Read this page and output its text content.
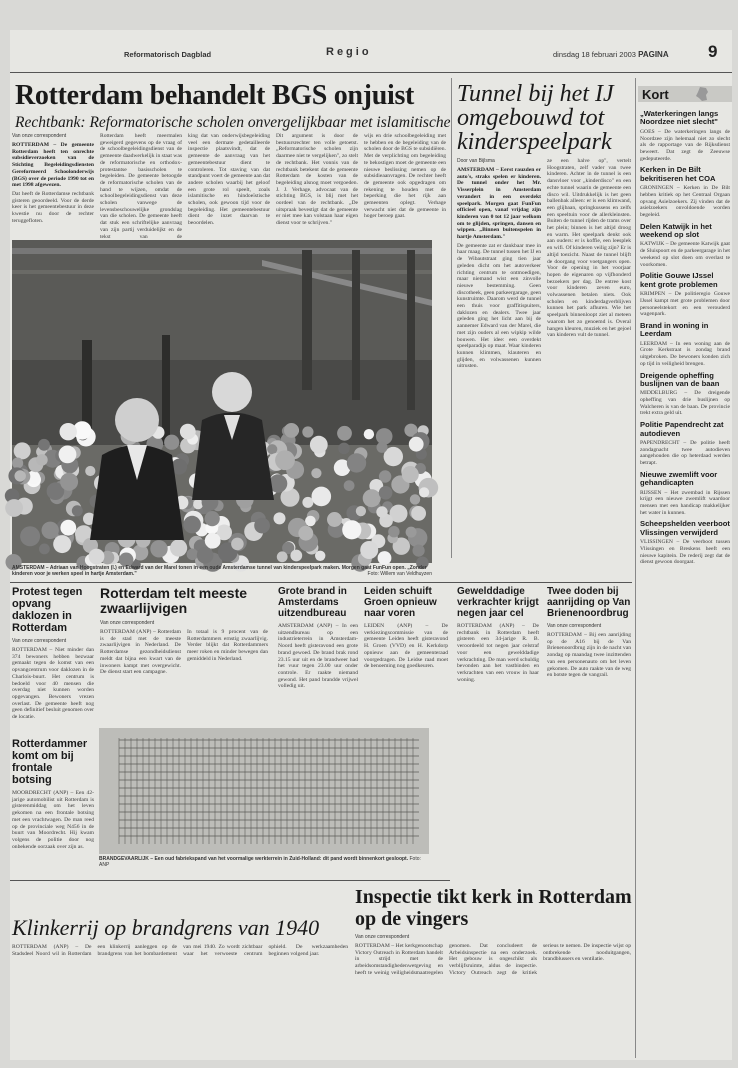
Reformatorisch Dagblad	Regio	dinsdag 18 februari 2003 PAGINA 9
Rotterdam behandelt BGS onjuist
Rechtbank: Reformatorische scholen onvergelijkbaar met islamitische
Van onze correspondent

ROTTERDAM – De gemeente Rotterdam heeft ten onrechte subsidieverzoeken van de Stichting Begeleidingsdiensten Gereformeerd Schoolonderwijs (BGS) over de periode 1990 tot en met 1998 afgewezen.

Dat heeft de Rotterdamse rechtbank gisteren geoordeeld. Voor de derde keer is het gemeentebestuur in deze kwestie nu door de rechter teruggefloten.

Rotterdam heeft meermalen geweigerd gegevens op de vraag of de schoolbegeleidingsdienst van de gemeente daadwerkelijk in staat was de reformatorische en orthodox-protestantse basisscholen te begeleiden. De gemeente betoogde de reformatorische scholen van de hand te wijzen, omdat de schoolbegeleidingsdienst van deze scholen vanwege de levensbeschouwelijke grondslag van die scholen. De gemeente heeft dat stuk een schriftelijke aanvraag van zijn partij verduidelijkt en de tekst van de
king dat van onderwijsbegeleiding veel een dermate gedetailleerde inspectie plaatsvindt, dat de gemeente de aanvraag van het gemeentebestuur dient te controleren. Tot staving van dat standpunt voert de gemeente aan dat andere scholen waarbij het geloof een grote rol speelt, zoals islamitische en hindoeïstische scholen, ook gewoon tijd voor de begeleiding. Het gemeentebestuur dient de inzet daarvan te beoordelen.
Dit argument is door de bestuursrechter ten volle getoetst. „Reformatorische scholen zijn daarmee niet te vergelijken", zo stelt de rechtbank. Het vonnis van de rechtbank betekent dat de gemeente Rotterdam de kosten van de begeleiding alsnog moet vergoeden. J. J. Verhage, advocaat van de stichting BGS, is blij met het oordeel van de rechtbank. „De uitspraak bevestigt dat de gemeente er niet mee kan volstaan haar eigen dienst voor te schrijven."
wijs en drie schoolbegeleiding met te hebben en de begeleiding van de scholen door de BGS te subsidiëren. Met de verplichting om begeleiding te bekostigen moet de gemeente een nieuwe beslissing nemen op de subsidieaanvragen. De rechter heeft de gemeente ook opgedragen om rekening te houden met de beperking die het rijk aan gemeenten oplegt. Verhage verwacht niet dat de gemeente in hoger beroep gaat.
Tunnel bij het IJ omgebouwd tot kinderspeelpark
Door van Bijlsma

AMSTERDAM – Eerst rauzden er auto's, straks spelen er kinderen. De tunnel onder het Mr. Visserplein in Amsterdam verandert in een overdekt speelpark. Morgen gaat FunFun officieel open, vanaf vrijdag zijn kinderen van 0 tot 12 jaar welkom om te glijden, springen, dansen en wippen. „Binnen buitenspelen in hartje Amsterdam."

De gemeente zat er dankbaar mee in haar maag. De tunnel tussen het IJ en de Wibautstraat ging tien jaar geleden dicht om het autoverkeer richting centrum te ontmoedigen, maar niemand wist een zinvolle nieuwe bestemming. Geen discotheek, geen parkeergarage, geen kunstruimte. Daarom werd de tunnel een thuis voor graffitispuiters, daklozen en dealers. Twee jaar geleden ging het licht aan bij de aannemer Edward van der Marel, die met zijn ouders al een wipkip wilde bouwen. Het idee: een overdekt speelparadijs op maat. Waar kinderen kunnen klimmen, klauteren en glijden, en volwassenen kunnen uitrusten.

ze een halve op", vertelt Hoogstraten, zelf vader van twee kinderen. Achter in de tunnel is een dansvloer voor „kinderdisco" en een echte tunnel waarin de gemeente een disco wil. Uitdrukkelijk is het geen ballenbak alleen: er is een klimwand, een glijbaan, springkussens en zelfs een speeltuin voor de allerkleinsten. Buiten de tunnel rijden de trams over het plein; binnen is het altijd droog en warm. Het speelpark denkt ook aan ouders: er is koffie, een leesplek en wifi. Of kinderen veilig zijn? Er is altijd toezicht. Naast de tunnel blijft de doorgang voor voetgangers open. Voor de opening in het voorjaar hopen de eigenaren op vijfhonderd bezoekers per dag. De entree kost voor kinderen zeven euro, volwassenen betalen niets. Ook scholen en kinderdagverblijven kunnen het park afhuren. Wie het speelpark binnenloopt ziet al meteen waarom het zo genoemd is. Overal hangen kleuren, muziek en het gejoel van kinderen vult de tunnel.
Kort
„Waterkeringen langs Noordzee niet slecht"
GOES – De waterkeringen langs de Noordzee zijn helemaal niet zo slecht als de rapportage van de Rijksdienst beweert. Dat zegt de Zeeuwse gedeputeerde.
Kerken in De Bilt bekritiseren het COA
GRONINGEN – Kerken in De Bilt hebben kritiek op het Centraal Orgaan opvang Asielzoekers. Zij vinden dat de asielzoekers onvoldoende worden begeleid.
Delen Katwijk in het weekend op slot
KATWIJK – De gemeente Katwijk gaat de Sluispoort en de parkeergarage in het weekend op slot doen om overlast te voorkomen.
Politie Gouwe IJssel kent grote problemen
KRIMPEN – De politieregio Gouwe IJssel kampt met grote problemen door personeelstekort en een verouderd wagenpark.
Brand in woning in Leerdam
LEERDAM – In een woning aan de Grote Kerkstraat is zondag brand uitgebroken. De bewoners konden zich op tijd in veiligheid brengen.
Dreigende opheffing buslijnen van de baan
MIDDELBURG – De dreigende opheffing van drie buslijnen op Walcheren is van de baan. De provincie trekt extra geld uit.
Politie Papendrecht zat autodieven
PAPENDRECHT – De politie heeft zondagnacht twee autodieven aangehouden die op heterdaad werden betrapt.
Nieuwe zwemlift voor gehandicapten
RIJSSEN – Het zwembad in Rijssen krijgt een nieuwe zwemlift waardoor mensen met een handicap makkelijker het water in kunnen.
Scheepshelden veerboot Vlissingen verwijderd
VLISSINGEN – De veerboot tussen Vlissingen en Breskens heeft een nieuwe kapitein. De rederij zegt dat de dienst gewoon doorgaat.
AMSTERDAM – Adriaan van Hoogstraten (l.) en Edward van der Marel tonen in een oude Amsterdamse tunnel van kinderspeelpark maken. Morgen gaat FunFun open. „Zonder kinderen voor je werken speel in hartje Amsterdam."	Foto: Willem van Veldhuyzen
Protest tegen opvang daklozen in Rotterdam
Van onze correspondent
ROTTERDAM – Niet minder dan 374 bewoners hebben bezwaar gemaakt tegen de komst van een opvangcentrum voor daklozen in de Charlois-buurt. Het centrum is bedoeld voor 40 mensen die overdag niet kunnen worden opgevangen. Bewoners vrezen overlast. De gemeente heeft nog geen definitief besluit genomen over de locatie.
Rotterdammer komt om bij frontale botsing
MOORDRECHT (ANP) – Een 42-jarige automobilist uit Rotterdam is gisterenmiddag om het leven gekomen na een frontale botsing met een vrachtwagen. De man reed op de provinciale weg N456 in de buurt van Moordrecht. Hij kwam volgens de politie door nog onbekende oorzaak over zijn as.
Rotterdam telt meeste zwaarlijvigen
Van onze correspondent
ROTTERDAM (ANP) – Rotterdam is de stad met de meeste zwaarlijvigen in Nederland. De Rotterdamse gezondheidsdienst meldt dat bijna een kwart van de inwoners kampt met overgewicht. De dienst start een campagne.
In totaal is 9 procent van de Rotterdammers ernstig zwaarlijvig. Verder blijkt dat Rotterdammers meer roken en minder bewegen dan gemiddeld in Nederland.
Grote brand in Amsterdams uitzendbureau
AMSTERDAM (ANP) – In een uitzendbureau op een industrieterrein in Amsterdam-Noord heeft gisteravond een grote brand gewoed. De brand brak rond 23.15 uur uit en de brandweer had het vuur tegen 23.00 uur onder controle. Er raakte niemand gewond. Het pand brandde vrijwel volledig uit.
Leiden schuift Groen opnieuw naar voren
LEIDEN (ANP) – De verkiezingscommissie van de gemeente Leiden heeft gisteravond H. Groen (VVD) en H. Kerkdorp opnieuw aan de gemeenteraad voorgedragen. De Leidse raad moet de benoeming nog goedkeuren.
Gewelddadige verkrachter krijgt negen jaar cel
ROTTERDAM (ANP) – De rechtbank in Rotterdam heeft gisteren een 34-jarige R. B. veroordeeld tot negen jaar celstraf voor een gewelddadige verkrachting. De man werd schuldig bevonden aan het vastbinden en verkrachten van een vrouw in haar woning.
Twee doden bij aanrijding op Van Brienenoordbrug
Van onze correspondent
ROTTERDAM – Bij een aanrijding op de A16 bij de Van Brienenoordbrug zijn in de nacht van zondag op maandag twee inzittenden van een personenauto om het leven gekomen. De auto raakte van de weg en botste tegen de vangrail.
BRANDGEVAARLIJK – Een oud fabriekspand van het voormalige werkterrein in Zuid-Holland: dit pand wordt binnenkort gesloopt. Foto: ANP
Inspectie tikt kerk in Rotterdam op de vingers
Van onze correspondent
ROTTERDAM – Het kerkgenootschap Victory Outreach in Rotterdam handelt in strijd met de arbeidsomstandighedenwetgeving en heeft te weinig veiligheidsmaatregelen genomen. Dat concludeert de Arbeidsinspectie na een onderzoek. Het gebouw is ongeschikt als verblijfsruimte, aldus de inspectie. Victory Outreach zegt de kritiek serieus te nemen. De inspectie wijst op ontbrekende nooduitgangen, brandblussers en ventilatie.
Klinkerrij op brandgrens van 1940
ROTTERDAM (ANP) – De Stadsdeel Noord wil in Rotterdam een klinkerrij aanleggen op de brandgrens van het bombardement van mei 1940. Zo wordt zichtbaar waar het verwoeste centrum ophield. De werkzaamheden beginnen volgend jaar.
